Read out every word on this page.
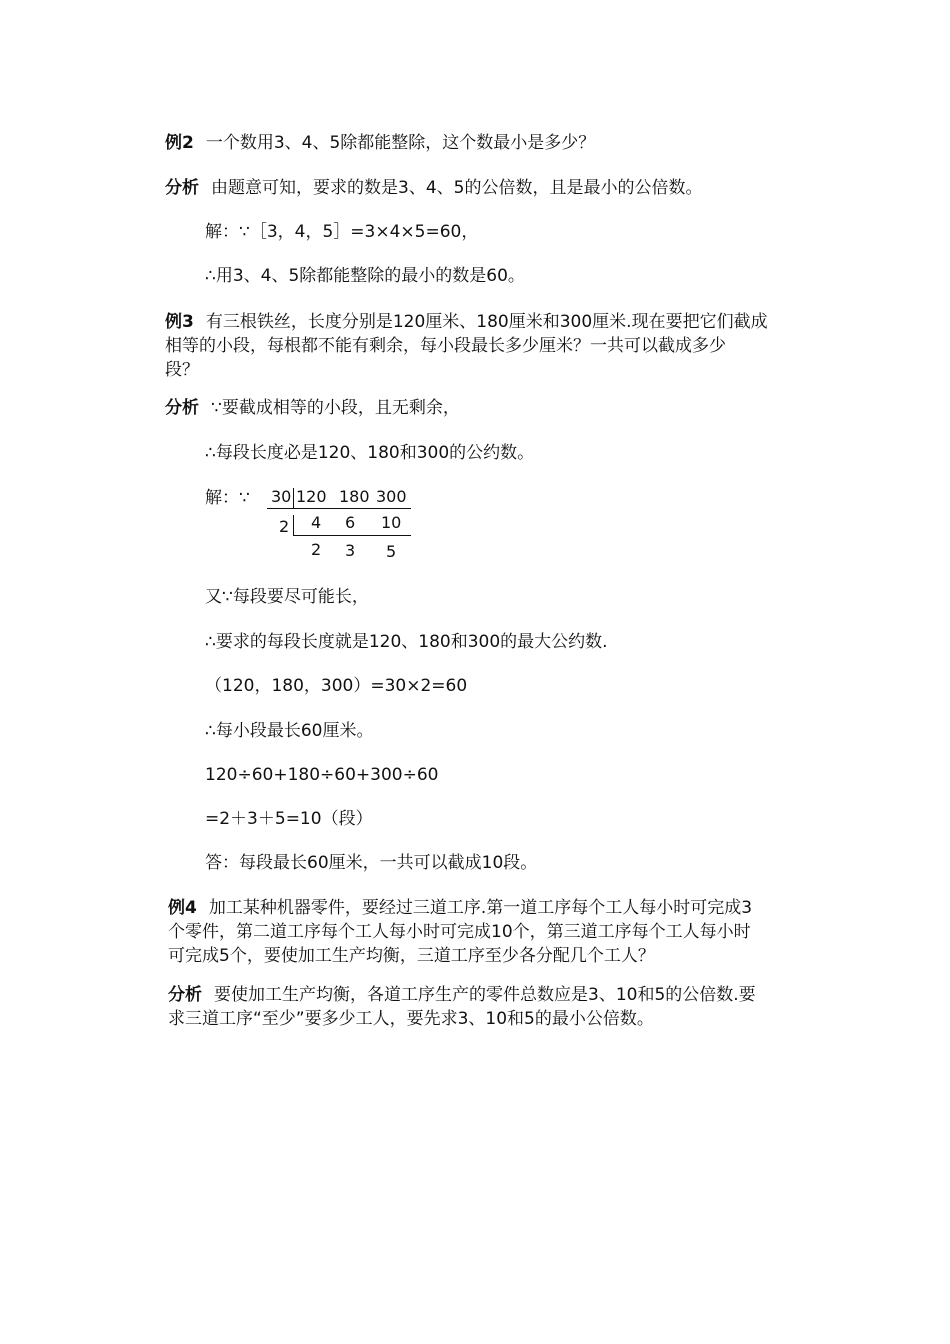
例2 一个数用3、4、5除都能整除，这个数最小是多少？
分析 由题意可知，要求的数是3、4、5的公倍数，且是最小的公倍数。
解：∵［3，4，5］=3×4×5=60，
∴用3、4、5除都能整除的最小的数是60。
例3 有三根铁丝，长度分别是120厘米、180厘米和300厘米.现在要把它们截成
相等的小段，每根都不能有剩余，每小段最长多少厘米？一共可以截成多少
段？
分析 ∵要截成相等的小段，且无剩余，
∴每段长度必是120、180和300的公约数。
解：∵ 30 120 180 300
2 4 6 10
2 3 5
又∵每段要尽可能长，
∴要求的每段长度就是120、180和300的最大公约数.
（120，180，300）=30×2=60
∴每小段最长60厘米。
120÷60+180÷60+300÷60
=2＋3＋5=10（段）
答：每段最长60厘米，一共可以截成10段。
例4 加工某种机器零件，要经过三道工序.第一道工序每个工人每小时可完成3
个零件，第二道工序每个工人每小时可完成10个，第三道工序每个工人每小时
可完成5个，要使加工生产均衡，三道工序至少各分配几个工人？
分析 要使加工生产均衡，各道工序生产的零件总数应是3、10和5的公倍数.要
求三道工序“至少”要多少工人，要先求3、10和5的最小公倍数。
